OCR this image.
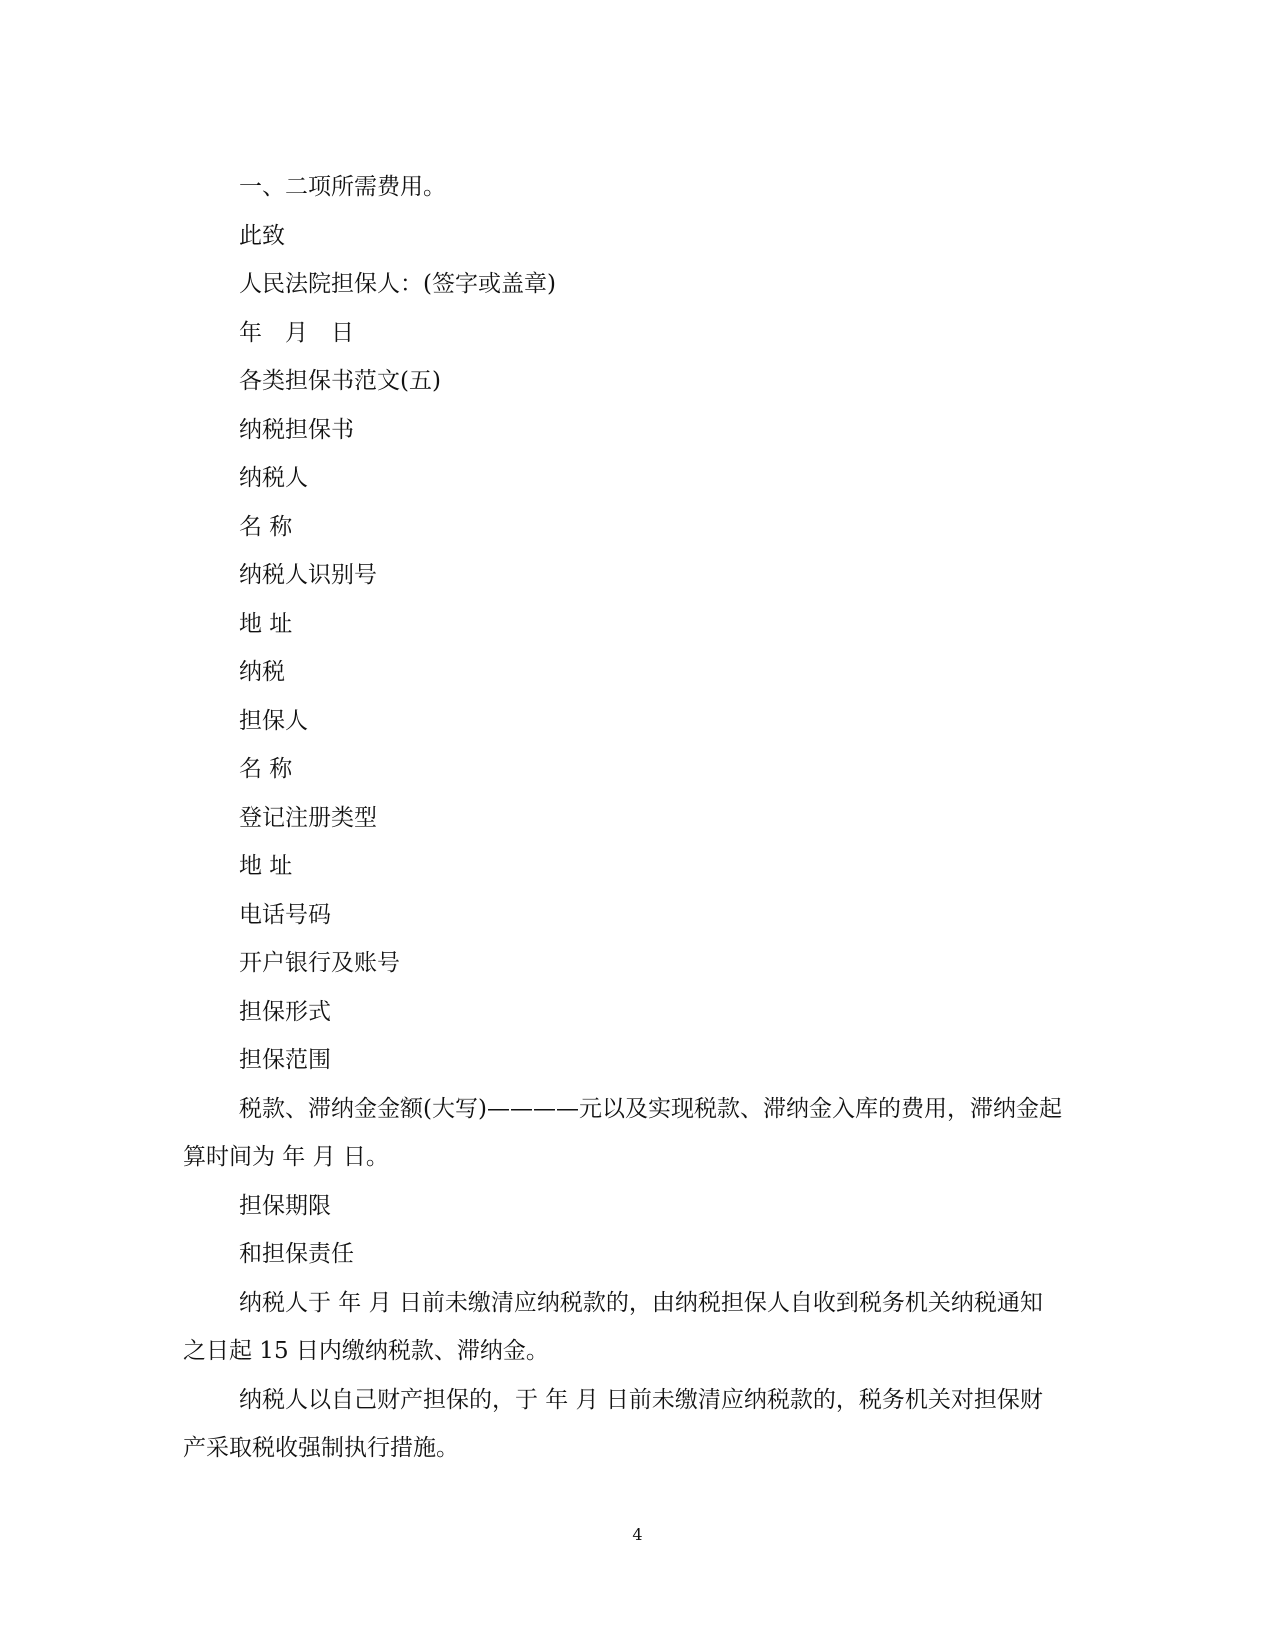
一、二项所需费用。

此致

人民法院担保人：(签字或盖章)

年　月　日

各类担保书范文(五)

纳税担保书

纳税人

名 称

纳税人识别号

地 址

纳税

担保人

名 称

登记注册类型

地 址

电话号码

开户银行及账号

担保形式

担保范围

税款、滞纳金金额(大写)————元以及实现税款、滞纳金入库的费用，滞纳金起算时间为 年 月 日。

担保期限

和担保责任

纳税人于 年 月 日前未缴清应纳税款的，由纳税担保人自收到税务机关纳税通知之日起 15 日内缴纳税款、滞纳金。

纳税人以自己财产担保的，于 年 月 日前未缴清应纳税款的，税务机关对担保财产采取税收强制执行措施。

4
